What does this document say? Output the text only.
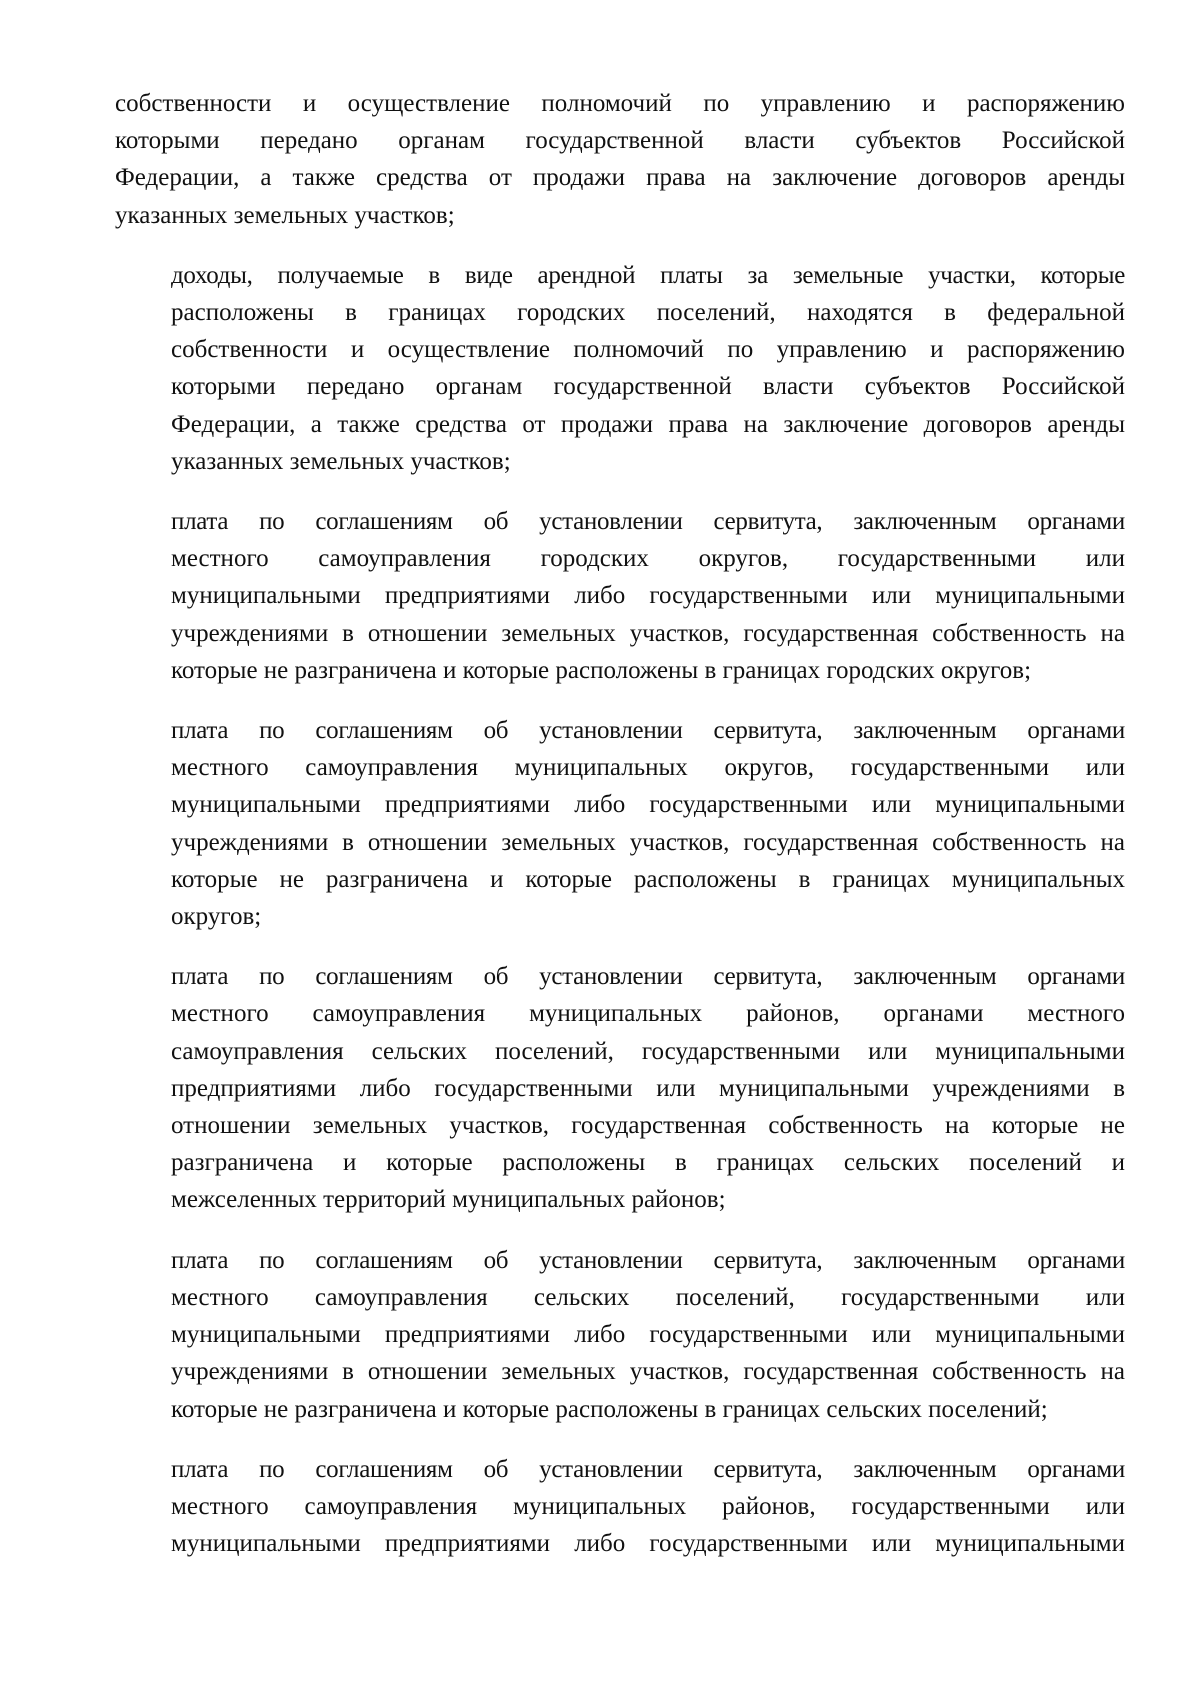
собственности и осуществление полномочий по управлению и распоряжению
которыми передано органам государственной власти субъектов Российской
Федерации, а также средства от продажи права на заключение договоров аренды
указанных земельных участков;
доходы, получаемые в виде арендной платы за земельные участки, которые
расположены в границах городских поселений, находятся в федеральной
собственности и осуществление полномочий по управлению и распоряжению
которыми передано органам государственной власти субъектов Российской
Федерации, а также средства от продажи права на заключение договоров аренды
указанных земельных участков;
плата по соглашениям об установлении сервитута, заключенным органами
местного самоуправления городских округов, государственными или
муниципальными предприятиями либо государственными или муниципальными
учреждениями в отношении земельных участков, государственная собственность на
которые не разграничена и которые расположены в границах городских округов;
плата по соглашениям об установлении сервитута, заключенным органами
местного самоуправления муниципальных округов, государственными или
муниципальными предприятиями либо государственными или муниципальными
учреждениями в отношении земельных участков, государственная собственность на
которые не разграничена и которые расположены в границах муниципальных
округов;
плата по соглашениям об установлении сервитута, заключенным органами
местного самоуправления муниципальных районов, органами местного
самоуправления сельских поселений, государственными или муниципальными
предприятиями либо государственными или муниципальными учреждениями в
отношении земельных участков, государственная собственность на которые не
разграничена и которые расположены в границах сельских поселений и
межселенных территорий муниципальных районов;
плата по соглашениям об установлении сервитута, заключенным органами
местного самоуправления сельских поселений, государственными или
муниципальными предприятиями либо государственными или муниципальными
учреждениями в отношении земельных участков, государственная собственность на
которые не разграничена и которые расположены в границах сельских поселений;
плата по соглашениям об установлении сервитута, заключенным органами
местного самоуправления муниципальных районов, государственными или
муниципальными предприятиями либо государственными или муниципальными
